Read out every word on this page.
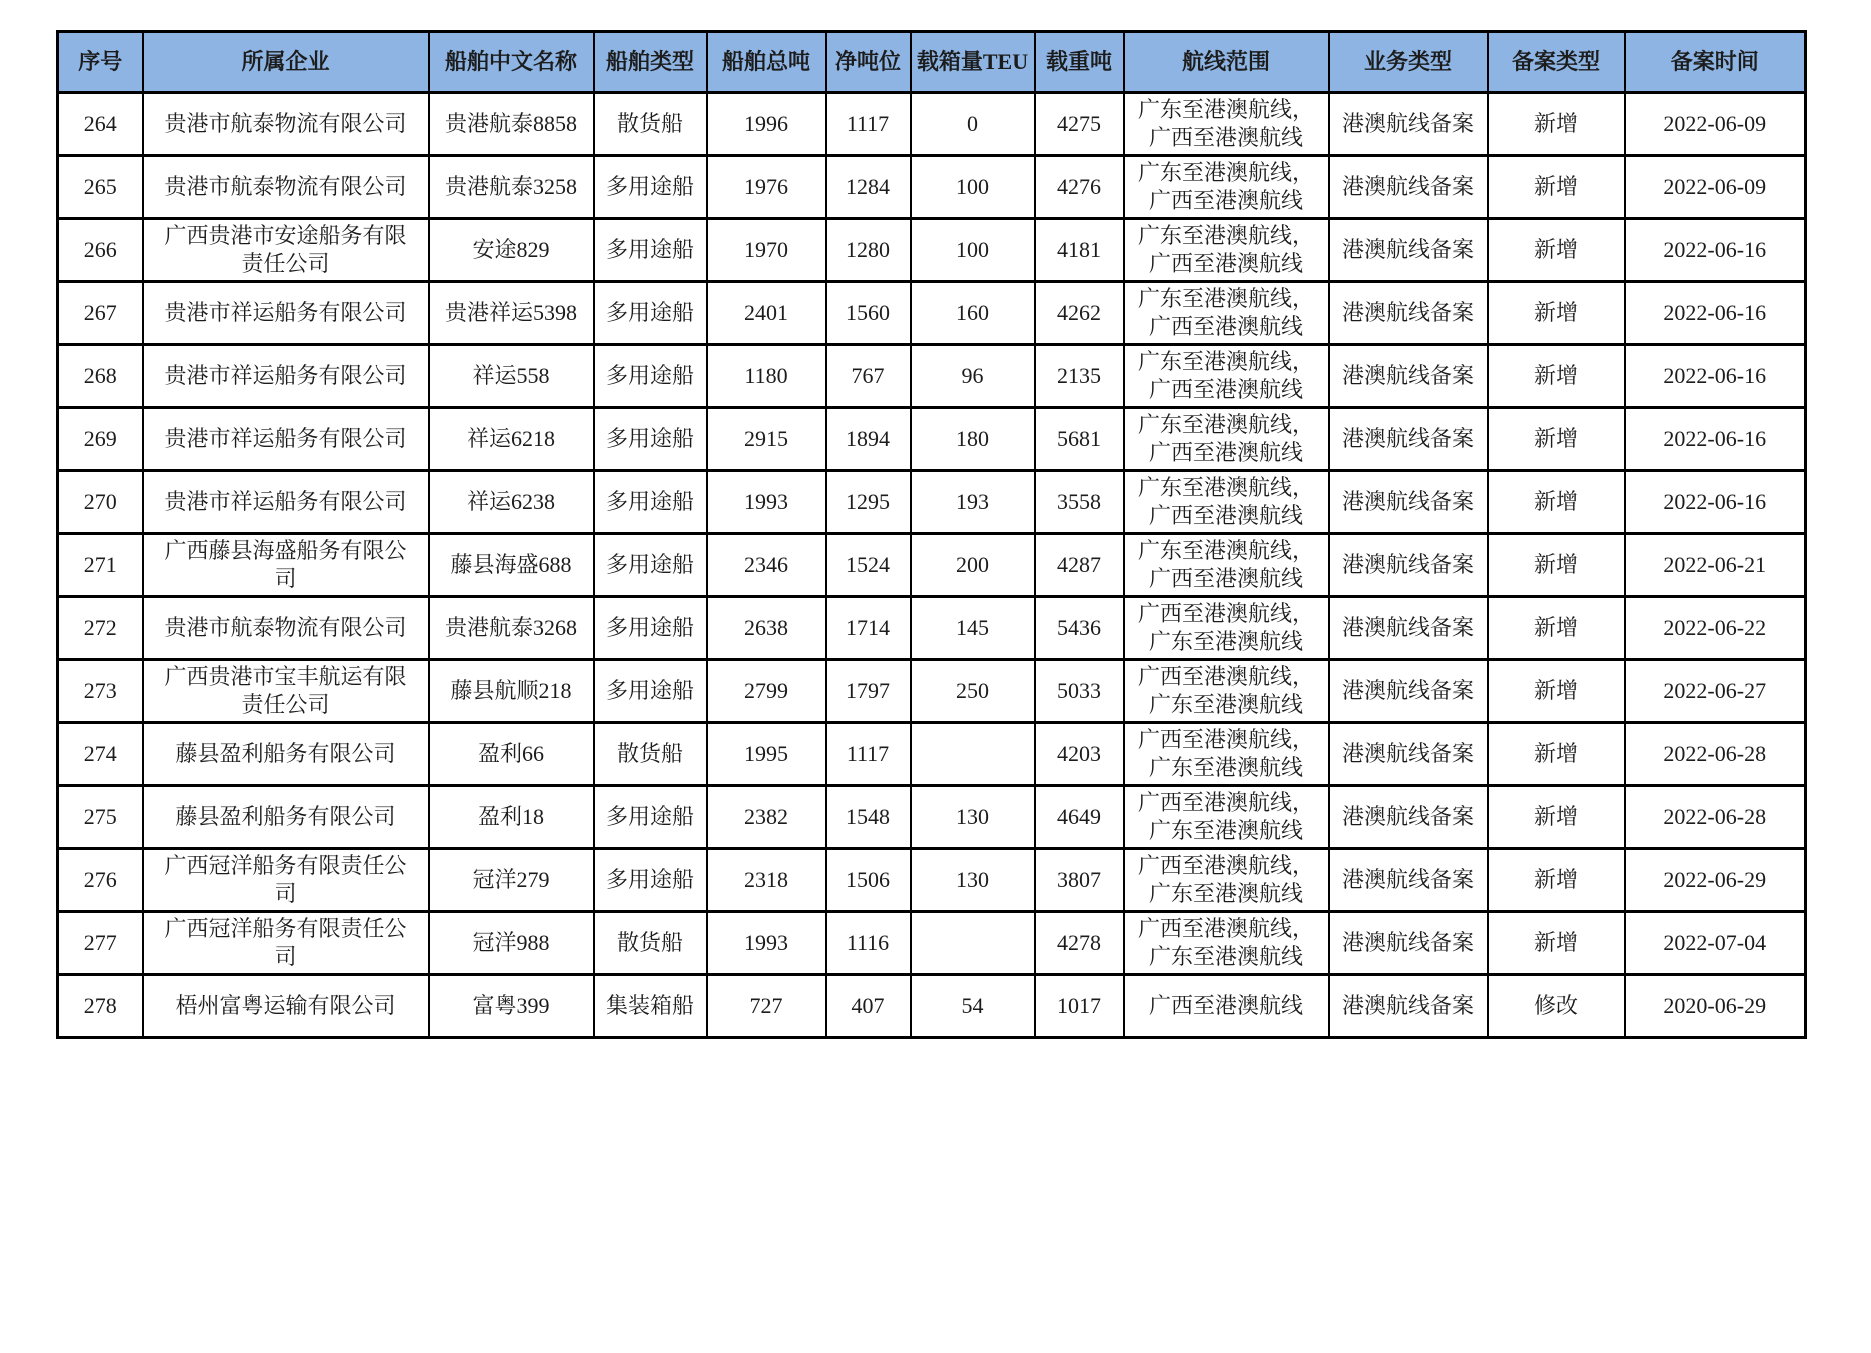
序号	所属企业	船舶中文名称	船舶类型	船舶总吨	净吨位	载箱量TEU	载重吨	航线范围	业务类型	备案类型	备案时间
264	贵港市航泰物流有限公司	贵港航泰8858	散货船	1996	1117	0	4275	广东至港澳航线，广西至港澳航线	港澳航线备案	新增	2022-06-09
265	贵港市航泰物流有限公司	贵港航泰3258	多用途船	1976	1284	100	4276	广东至港澳航线，广西至港澳航线	港澳航线备案	新增	2022-06-09
266	广西贵港市安途船务有限责任公司	安途829	多用途船	1970	1280	100	4181	广东至港澳航线，广西至港澳航线	港澳航线备案	新增	2022-06-16
267	贵港市祥运船务有限公司	贵港祥运5398	多用途船	2401	1560	160	4262	广东至港澳航线，广西至港澳航线	港澳航线备案	新增	2022-06-16
268	贵港市祥运船务有限公司	祥运558	多用途船	1180	767	96	2135	广东至港澳航线，广西至港澳航线	港澳航线备案	新增	2022-06-16
269	贵港市祥运船务有限公司	祥运6218	多用途船	2915	1894	180	5681	广东至港澳航线，广西至港澳航线	港澳航线备案	新增	2022-06-16
270	贵港市祥运船务有限公司	祥运6238	多用途船	1993	1295	193	3558	广东至港澳航线，广西至港澳航线	港澳航线备案	新增	2022-06-16
271	广西藤县海盛船务有限公司	藤县海盛688	多用途船	2346	1524	200	4287	广东至港澳航线，广西至港澳航线	港澳航线备案	新增	2022-06-21
272	贵港市航泰物流有限公司	贵港航泰3268	多用途船	2638	1714	145	5436	广西至港澳航线，广东至港澳航线	港澳航线备案	新增	2022-06-22
273	广西贵港市宝丰航运有限责任公司	藤县航顺218	多用途船	2799	1797	250	5033	广西至港澳航线，广东至港澳航线	港澳航线备案	新增	2022-06-27
274	藤县盈利船务有限公司	盈利66	散货船	1995	1117		4203	广西至港澳航线，广东至港澳航线	港澳航线备案	新增	2022-06-28
275	藤县盈利船务有限公司	盈利18	多用途船	2382	1548	130	4649	广西至港澳航线，广东至港澳航线	港澳航线备案	新增	2022-06-28
276	广西冠洋船务有限责任公司	冠洋279	多用途船	2318	1506	130	3807	广西至港澳航线，广东至港澳航线	港澳航线备案	新增	2022-06-29
277	广西冠洋船务有限责任公司	冠洋988	散货船	1993	1116		4278	广西至港澳航线，广东至港澳航线	港澳航线备案	新增	2022-07-04
278	梧州富粤运输有限公司	富粤399	集装箱船	727	407	54	1017	广西至港澳航线	港澳航线备案	修改	2020-06-29
